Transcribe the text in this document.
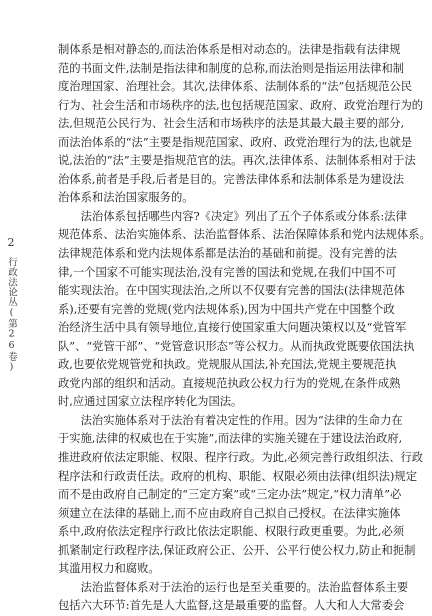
2
行政法论丛(第26卷)
制体系是相对静态的,而法治体系是相对动态的。法律是指载有法律规
范的书面文件,法制是指法律和制度的总称,而法治则是指运用法律和制
度治理国家、治理社会。其次,法律体系、法制体系的“法”包括规范公民
行为、社会生活和市场秩序的法,也包括规范国家、政府、政党治理行为的
法,但规范公民行为、社会生活和市场秩序的法是其最大最主要的部分,
而法治体系的“法”主要是指规范国家、政府、政党治理行为的法,也就是
说,法治的“法”主要是指规范官的法。再次,法律体系、法制体系相对于法
治体系,前者是手段,后者是目的。完善法律体系和法制体系是为建设法
治体系和法治国家服务的。
　　法治体系包括哪些内容?《决定》列出了五个子体系或分体系:法律
规范体系、法治实施体系、法治监督体系、法治保障体系和党内法规体系。
法律规范体系和党内法规体系都是法治的基础和前提。没有完善的法
律,一个国家不可能实现法治,没有完善的国法和党规,在我们中国不可
能实现法治。在中国实现法治,之所以不仅要有完善的国法(法律规范体
系),还要有完善的党规(党内法规体系),因为中国共产党在中国整个政
治经济生活中具有领导地位,直接行使国家重大问题决策权以及“党管军
队”、“党管干部”、“党管意识形态”等公权力。从而执政党既要依国法执
政,也要依党规管党和执政。党规服从国法,补充国法,党规主要规范执
政党内部的组织和活动。直接规范执政公权力行为的党规,在条件成熟
时,应通过国家立法程序转化为国法。
　　法治实施体系对于法治有着决定性的作用。因为“法律的生命力在
于实施,法律的权威也在于实施”,而法律的实施关键在于建设法治政府,
推进政府依法定职能、权限、程序行政。为此,必须完善行政组织法、行政
程序法和行政责任法。政府的机构、职能、权限必须由法律(组织法)规定
而不是由政府自己制定的“三定方案”或“三定办法”规定,“权力清单”必
须建立在法律的基础上,而不应由政府自己拟自己授权。在法律实施体
系中,政府依法定程序行政比依法定职能、权限行政更重要。为此,必须
抓紧制定行政程序法,保证政府公正、公开、公平行使公权力,防止和扼制
其滥用权力和腐败。
　　法治监督体系对于法治的运行也是至关重要的。法治监督体系主要
包括六大环节:首先是人大监督,这是最重要的监督。人大和人大常委会
